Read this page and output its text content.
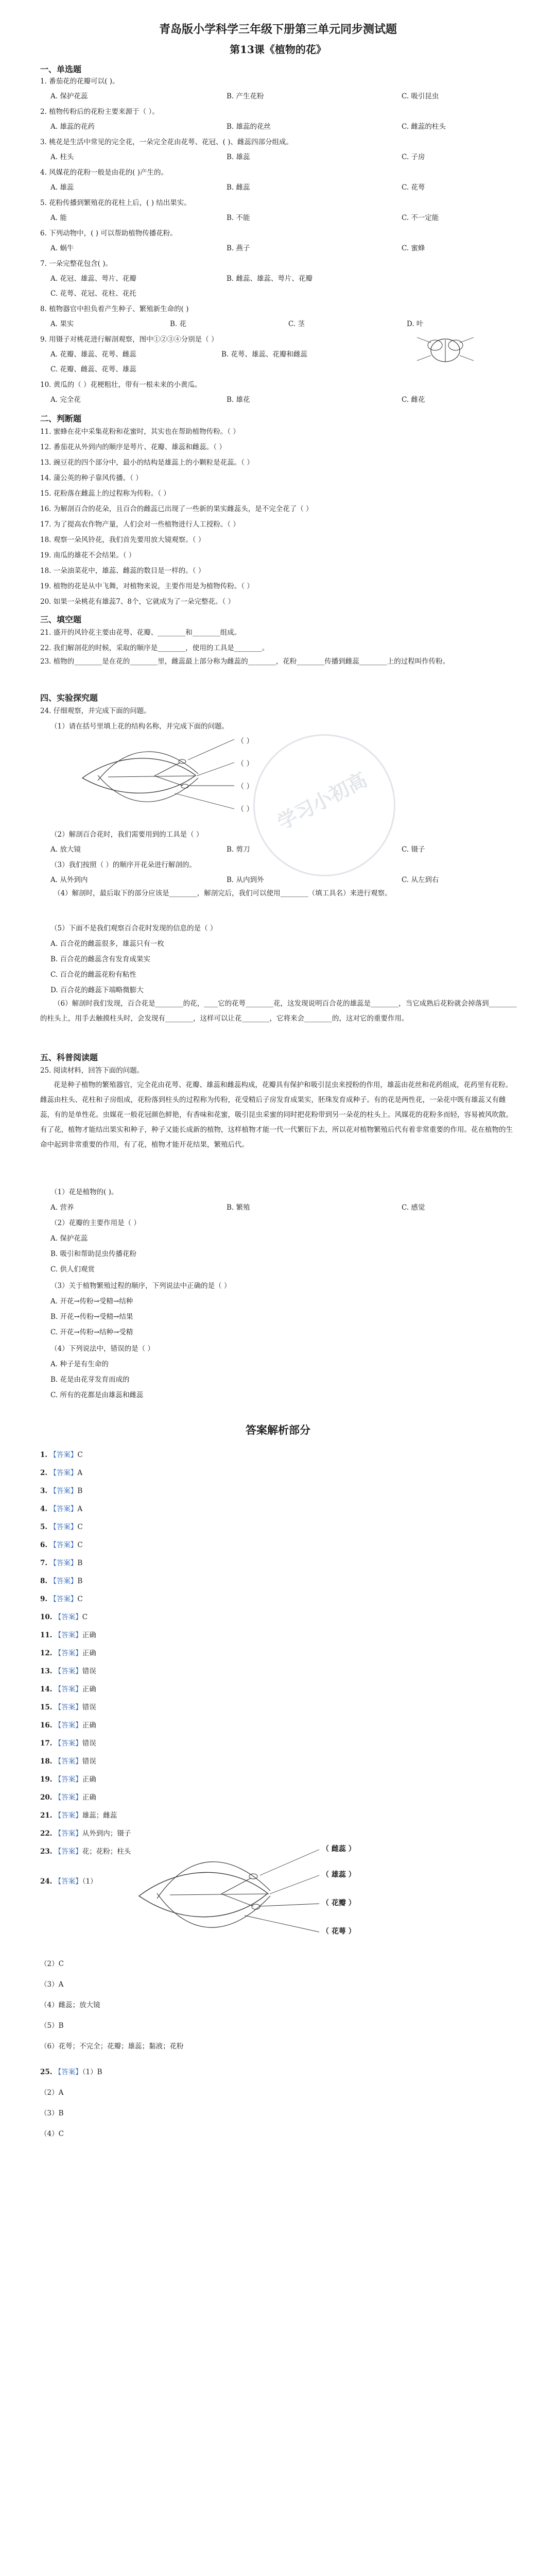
青岛版小学科学三年级下册第三单元同步测试题
第13课《植物的花》
一、单选题
1. 番茄花的花瓣可以( )。
A. 保护花蕊	B. 产生花粉	C. 吸引昆虫
2. 植物传粉后的花粉主要来源于（ ）。
A. 雄蕊的花药	B. 雄蕊的花丝	C. 雌蕊的柱头
3. 桃花是生活中常见的完全花，一朵完全花由花萼、花冠、( )、雌蕊四部分组成。
A. 柱头	B. 雄蕊	C. 子房
4. 风媒花的花粉一般是由花的( )产生的。
A. 雄蕊	B. 雌蕊	C. 花萼
5. 花粉传播到繁殖花的花柱上后，( ) 结出果实。
A. 能	B. 不能	C. 不一定能
6. 下列动物中，( ) 可以帮助植物传播花粉。
A. 蜗牛	B. 燕子	C. 蜜蜂
7. 一朵完整花包含( )。
A. 花冠、雄蕊、萼片、花瓣	B. 雌蕊、雄蕊、萼片、花瓣
C. 花萼、花冠、花柱、花托
8. 植物器官中担负着产生种子、繁殖新生命的( )
A. 果实	B. 花	C. 茎	D. 叶
9. 用镊子对桃花进行解剖观察，图中①②③④分别是（ ）
A. 花瓣、雄蕊、花萼、雌蕊	B. 花萼、雄蕊、花瓣和雌蕊
C. 花瓣、雌蕊、花萼、雄蕊
10. 黄瓜的（ ）花梗粗壮，带有一根未来的小黄瓜。
A. 完全花	B. 雄花	C. 雌花
二、判断题
11. 蜜蜂在花中采集花粉和花蜜时，其实也在帮助植物传粉。（ ）
12. 番茄花从外到内的顺序是萼片、花瓣、雄蕊和雌蕊。（ ）
13. 豌豆花的四个部分中，最小的结构是雄蕊上的小颗粒是花蕊。（ ）
14. 蒲公英的种子靠风传播。（ ）
15. 花粉落在雌蕊上的过程称为传粉。（ ）
16. 为解剖百合的花朵，且百合的雌蕊已出现了一些新的果实雌蕊头，是不完全花了（ ）
17. 为了提高农作物产量，人们会对一些植物进行人工授粉。（ ）
18. 观察一朵风铃花，我们首先要用放大镜观察。（ ）
19. 南瓜的雄花不会结果。（ ）
18. 一朵油菜花中，雄蕊、雌蕊的数目是一样的。（ ）
19. 植物的花是从中飞舞，对植物来说，主要作用是为植物传粉。（ ）
20. 如果一朵桃花有雄蕊7、8个，它就成为了一朵完整花。（ ）
三、填空题
21. 盛开的风铃花主要由花萼、花瓣、________和________组成。
22. 我们解剖花的时候，采取的顺序是________，使用的工具是________。
23. 植物的________是在花的________里，雌蕊最上部分称为雌蕊的________，花粉________传播到雌蕊________上的过程叫作传粉。
四、实验探究题
24. 仔细观察，并完成下面的问题。
（1）请在括号里填上花的结构名称，并完成下面的问题。
（ ）
（ ）
（ ）
（ ）
（2）解剖百合花时，我们需要用到的工具是（ ）
A. 放大镜	B. 剪刀	C. 镊子
（3）我们按照（ ）的顺序开花朵进行解剖的。
A. 从外到内	B. 从内到外	C. 从左到右
（4）解剖时，最后取下的部分应该是________，解剖完后，我们可以使用________（填工具名）来进行观察。
（5）下面不是我们观察百合花时发现的信息的是（ ）
A. 百合花的雌蕊很多，雄蕊只有一枚
B. 百合花的雌蕊含有发育成果实
C. 百合花的雌蕊花粉有粘性
D. 百合花的雌蕊下端略微膨大
（6）解剖时我们发现，百合花是________的花，____它的花萼________花，这发现说明百合花的雄蕊是________，当它成熟后花粉就会掉落到________的柱头上，用手去触摸柱头时，会发现有________，这样可以让花________，它将来会________的，这对它的重要作用。
学习小初高
五、科普阅读题
25. 阅读材料，回答下面的问题。
花是种子植物的繁殖器官，完全花由花萼、花瓣、雄蕊和雌蕊构成，花瓣具有保护和吸引昆虫来授粉的作用，雄蕊由花丝和花药组成，花药里有花粉。雌蕊由柱头、花柱和子房组成，花粉落到柱头的过程称为传粉，花受精后子房发育成果实，胚珠发育成种子。有的花是两性花，一朵花中既有雄蕊又有雌蕊，有的是单性花。虫媒花一般花冠颜色鲜艳，有香味和花蜜，吸引昆虫采蜜的同时把花粉带到另一朵花的柱头上。风媒花的花粉多而轻，容易被风吹散。有了花，植物才能结出果实和种子，种子又能长成新的植物，这样植物才能一代一代繁衍下去，所以花对植物繁殖后代有着非常重要的作用。花在植物的生命中起到非常重要的作用，有了花，植物才能开花结果，繁殖后代。
（1）花是植物的( )。
A. 营养	B. 繁殖	C. 感觉
（2）花瓣的主要作用是（ ）
A. 保护花蕊
B. 吸引和帮助昆虫传播花粉
C. 供人们观赏
（3）关于植物繁殖过程的顺序，下列说法中正确的是（ ）
A. 开花→传粉→受精→结种
B. 开花→传粉→受精→结果
C. 开花→传粉→结种→受精
（4）下列说法中，错误的是（ ）
A. 种子是有生命的
B. 花是由花芽发育而成的
C. 所有的花都是由雄蕊和雌蕊
答案解析部分
1. 【答案】C
2. 【答案】A
3. 【答案】B
4. 【答案】A
5. 【答案】C
6. 【答案】C
7. 【答案】B
8. 【答案】B
9. 【答案】C
10. 【答案】C
11. 【答案】正确
12. 【答案】正确
13. 【答案】错误
14. 【答案】正确
15. 【答案】错误
16. 【答案】正确
17. 【答案】错误
18. 【答案】错误
19. 【答案】正确
20. 【答案】正确
21. 【答案】雄蕊；雌蕊
22. 【答案】从外到内；镊子
23. 【答案】花；花粉；柱头
24. 【答案】（1）
（ 雌蕊 ）
（ 雄蕊 ）
（ 花瓣 ）
（ 花萼 ）
（2）C
（3）A
（4）雌蕊；放大镜
（5）B
（6）花萼；不完全；花瓣；雄蕊；黏液；花粉
25. 【答案】（1）B
（2）A
（3）B
（4）C
